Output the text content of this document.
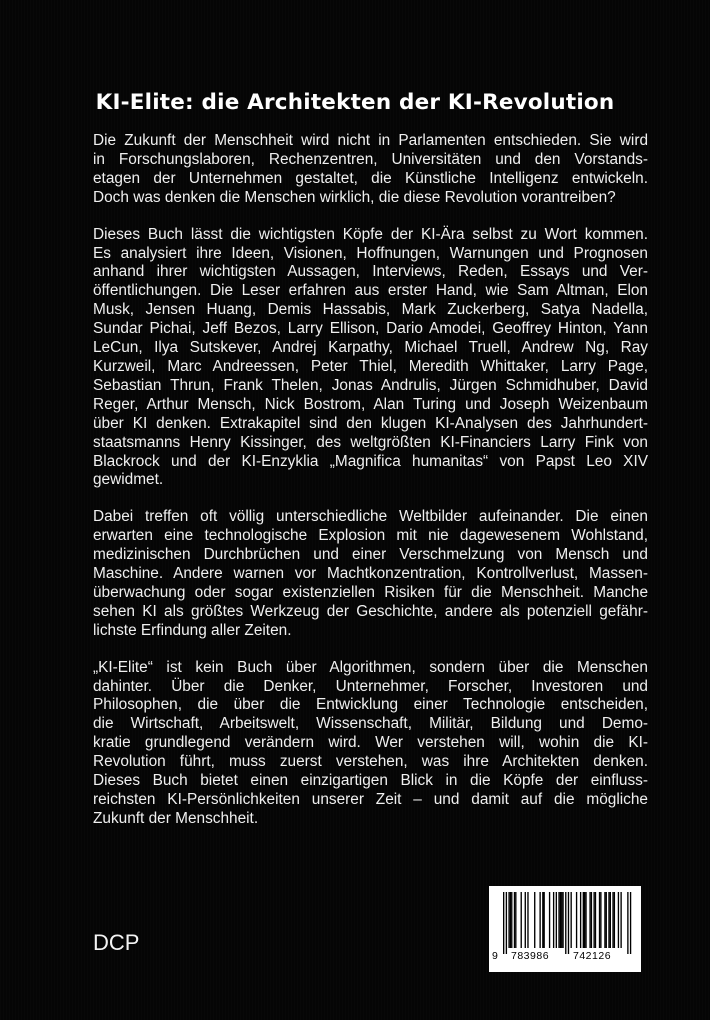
KI-Elite: die Architekten der KI-Revolution
Die Zukunft der Menschheit wird nicht in Parlamenten entschieden. Sie wird
in Forschungslaboren, Rechenzentren, Universitäten und den Vorstands-
etagen der Unternehmen gestaltet, die Künstliche Intelligenz entwickeln.
Doch was denken die Menschen wirklich, die diese Revolution vorantreiben?
Dieses Buch lässt die wichtigsten Köpfe der KI-Ära selbst zu Wort kommen.
Es analysiert ihre Ideen, Visionen, Hoffnungen, Warnungen und Prognosen
anhand ihrer wichtigsten Aussagen, Interviews, Reden, Essays und Ver-
öffentlichungen. Die Leser erfahren aus erster Hand, wie Sam Altman, Elon
Musk, Jensen Huang, Demis Hassabis, Mark Zuckerberg, Satya Nadella,
Sundar Pichai, Jeff Bezos, Larry Ellison, Dario Amodei, Geoffrey Hinton, Yann
LeCun, Ilya Sutskever, Andrej Karpathy, Michael Truell, Andrew Ng, Ray
Kurzweil, Marc Andreessen, Peter Thiel, Meredith Whittaker, Larry Page,
Sebastian Thrun, Frank Thelen, Jonas Andrulis, Jürgen Schmidhuber, David
Reger, Arthur Mensch, Nick Bostrom, Alan Turing und Joseph Weizenbaum
über KI denken. Extrakapitel sind den klugen KI-Analysen des Jahrhundert-
staatsmanns Henry Kissinger, des weltgrößten KI-Financiers Larry Fink von
Blackrock und der KI-Enzyklia „Magnifica humanitas“ von Papst Leo XIV
gewidmet.
Dabei treffen oft völlig unterschiedliche Weltbilder aufeinander. Die einen
erwarten eine technologische Explosion mit nie dagewesenem Wohlstand,
medizinischen Durchbrüchen und einer Verschmelzung von Mensch und
Maschine. Andere warnen vor Machtkonzentration, Kontrollverlust, Massen-
überwachung oder sogar existenziellen Risiken für die Menschheit. Manche
sehen KI als größtes Werkzeug der Geschichte, andere als potenziell gefähr-
lichste Erfindung aller Zeiten.
„KI-Elite“ ist kein Buch über Algorithmen, sondern über die Menschen
dahinter. Über die Denker, Unternehmer, Forscher, Investoren und
Philosophen, die über die Entwicklung einer Technologie entscheiden,
die Wirtschaft, Arbeitswelt, Wissenschaft, Militär, Bildung und Demo-
kratie grundlegend verändern wird. Wer verstehen will, wohin die KI-
Revolution führt, muss zuerst verstehen, was ihre Architekten denken.
Dieses Buch bietet einen einzigartigen Blick in die Köpfe der einfluss-
reichsten KI-Persönlichkeiten unserer Zeit – und damit auf die mögliche
Zukunft der Menschheit.
DCP
9 783986 742126
